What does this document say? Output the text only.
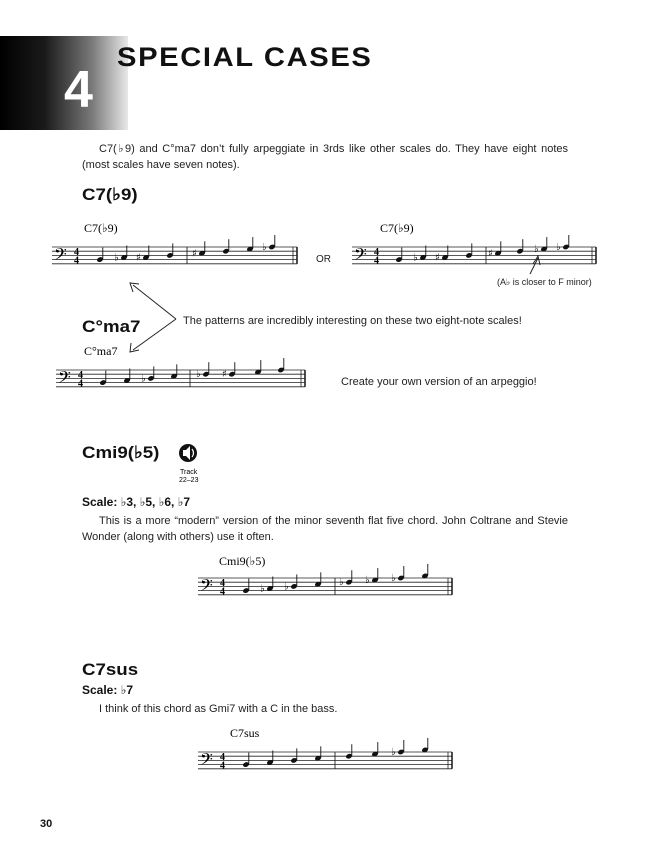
4
SPECIAL CASES
C7(♭9) and C°ma7 don’t fully arpeggiate in 3rds like other scales do. They have eight notes (most scales have seven notes).
C7(♭9)
𝄢 4
4	♭ ♯	♯
♭	𝄢 4
4	♭ ♯	♯	♭ ♭
𝄢 4
4	♭	♭ ♯
𝄢 4
4	♭ ♭	♭ ♭ ♭
𝄢 4
4
♭
C7(♭9)	C7(♭9)
C°ma7
Cmi9(♭5)
C7sus
Track
22–23
OR
(A♭ is closer to F minor)
C°ma7	The patterns are incredibly interesting on these two eight-note scales!
Create your own version of an arpeggio!
Cmi9(♭5)
Scale: ♭3, ♭5, ♭6, ♭7
This is a more “modern” version of the minor seventh flat five chord. John Coltrane and Stevie Wonder (along with others) use it often.
C7sus
Scale: ♭7
I think of this chord as Gmi7 with a C in the bass.
30
